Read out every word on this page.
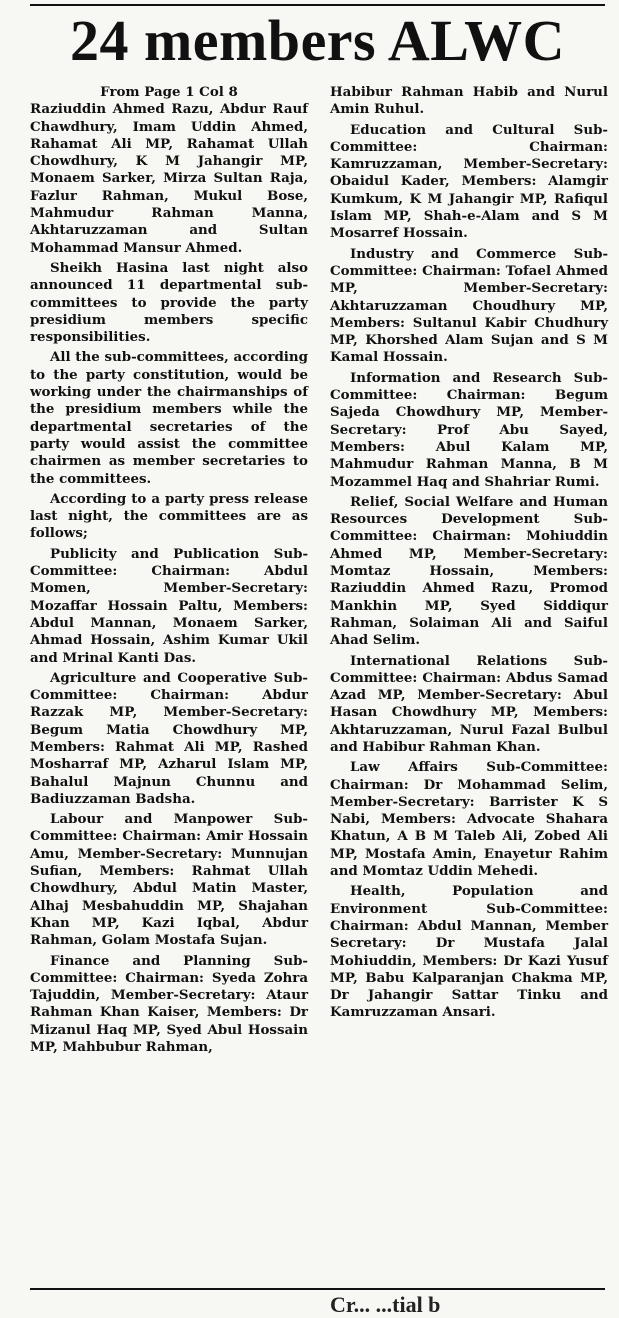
24 members ALWC

From Page 1 Col 8

Raziuddin Ahmed Razu, Abdur Rauf Chawdhury, Imam Uddin Ahmed, Rahamat Ali MP, Rahamat Ullah Chowdhury, K M Jahangir MP, Monaem Sarker, Mirza Sultan Raja, Fazlur Rahman, Mukul Bose, Mahmudur Rahman Manna, Akhtaruzzaman and Sultan Mohammad Mansur Ahmed.

Sheikh Hasina last night also announced 11 departmental sub-committees to provide the party presidium members specific responsibilities.

All the sub-committees, according to the party constitution, would be working under the chairmanships of the presidium members while the departmental secretaries of the party would assist the committee chairmen as member secretaries to the committees.

According to a party press release last night, the committees are as follows;

Publicity and Publication Sub-Committee: Chairman: Abdul Momen, Member-Secretary: Mozaffar Hossain Paltu, Members: Abdul Mannan, Monaem Sarker, Ahmad Hossain, Ashim Kumar Ukil and Mrinal Kanti Das.

Agriculture and Cooperative Sub-Committee: Chairman: Abdur Razzak MP, Member-Secretary: Begum Matia Chowdhury MP, Members: Rahmat Ali MP, Rashed Mosharraf MP, Azharul Islam MP, Bahalul Majnun Chunnu and Badiuzzaman Badsha.

Labour and Manpower Sub-Committee: Chairman: Amir Hossain Amu, Member-Secretary: Munnujan Sufian, Members: Rahmat Ullah Chowdhury, Abdul Matin Master, Alhaj Mesbahuddin MP, Shajahan Khan MP, Kazi Iqbal, Abdur Rahman, Golam Mostafa Sujan.

Finance and Planning Sub-Committee: Chairman: Syeda Zohra Tajuddin, Member-Secretary: Ataur Rahman Khan Kaiser, Members: Dr Mizanul Haq MP, Syed Abul Hossain MP, Mahbubur Rahman,

Habibur Rahman Habib and Nurul Amin Ruhul.

Education and Cultural Sub-Committee: Chairman: Kamruzzaman, Member-Secretary: Obaidul Kader, Members: Alamgir Kumkum, K M Jahangir MP, Rafiqul Islam MP, Shah-e-Alam and S M Mosarref Hossain.

Industry and Commerce Sub-Committee: Chairman: Tofael Ahmed MP, Member-Secretary: Akhtaruzzaman Choudhury MP, Members: Sultanul Kabir Chudhury MP, Khorshed Alam Sujan and S M Kamal Hossain.

Information and Research Sub-Committee: Chairman: Begum Sajeda Chowdhury MP, Member-Secretary: Prof Abu Sayed, Members: Abul Kalam MP, Mahmudur Rahman Manna, B M Mozammel Haq and Shahriar Rumi.

Relief, Social Welfare and Human Resources Development Sub-Committee: Chairman: Mohiuddin Ahmed MP, Member-Secretary: Momtaz Hossain, Members: Raziuddin Ahmed Razu, Promod Mankhin MP, Syed Siddiqur Rahman, Solaiman Ali and Saiful Ahad Selim.

International Relations Sub-Committee: Chairman: Abdus Samad Azad MP, Member-Secretary: Abul Hasan Chowdhury MP, Members: Akhtaruzzaman, Nurul Fazal Bulbul and Habibur Rahman Khan.

Law Affairs Sub-Committee: Chairman: Dr Mohammad Selim, Member-Secretary: Barrister K S Nabi, Members: Advocate Shahara Khatun, A B M Taleb Ali, Zobed Ali MP, Mostafa Amin, Enayetur Rahim and Momtaz Uddin Mehedi.

Health, Population and Environment Sub-Committee: Chairman: Abdul Mannan, Member Secretary: Dr Mustafa Jalal Mohiuddin, Members: Dr Kazi Yusuf MP, Babu Kalparanjan Chakma MP, Dr Jahangir Sattar Tinku and Kamruzzaman Ansari.

Cr... ...tial b
